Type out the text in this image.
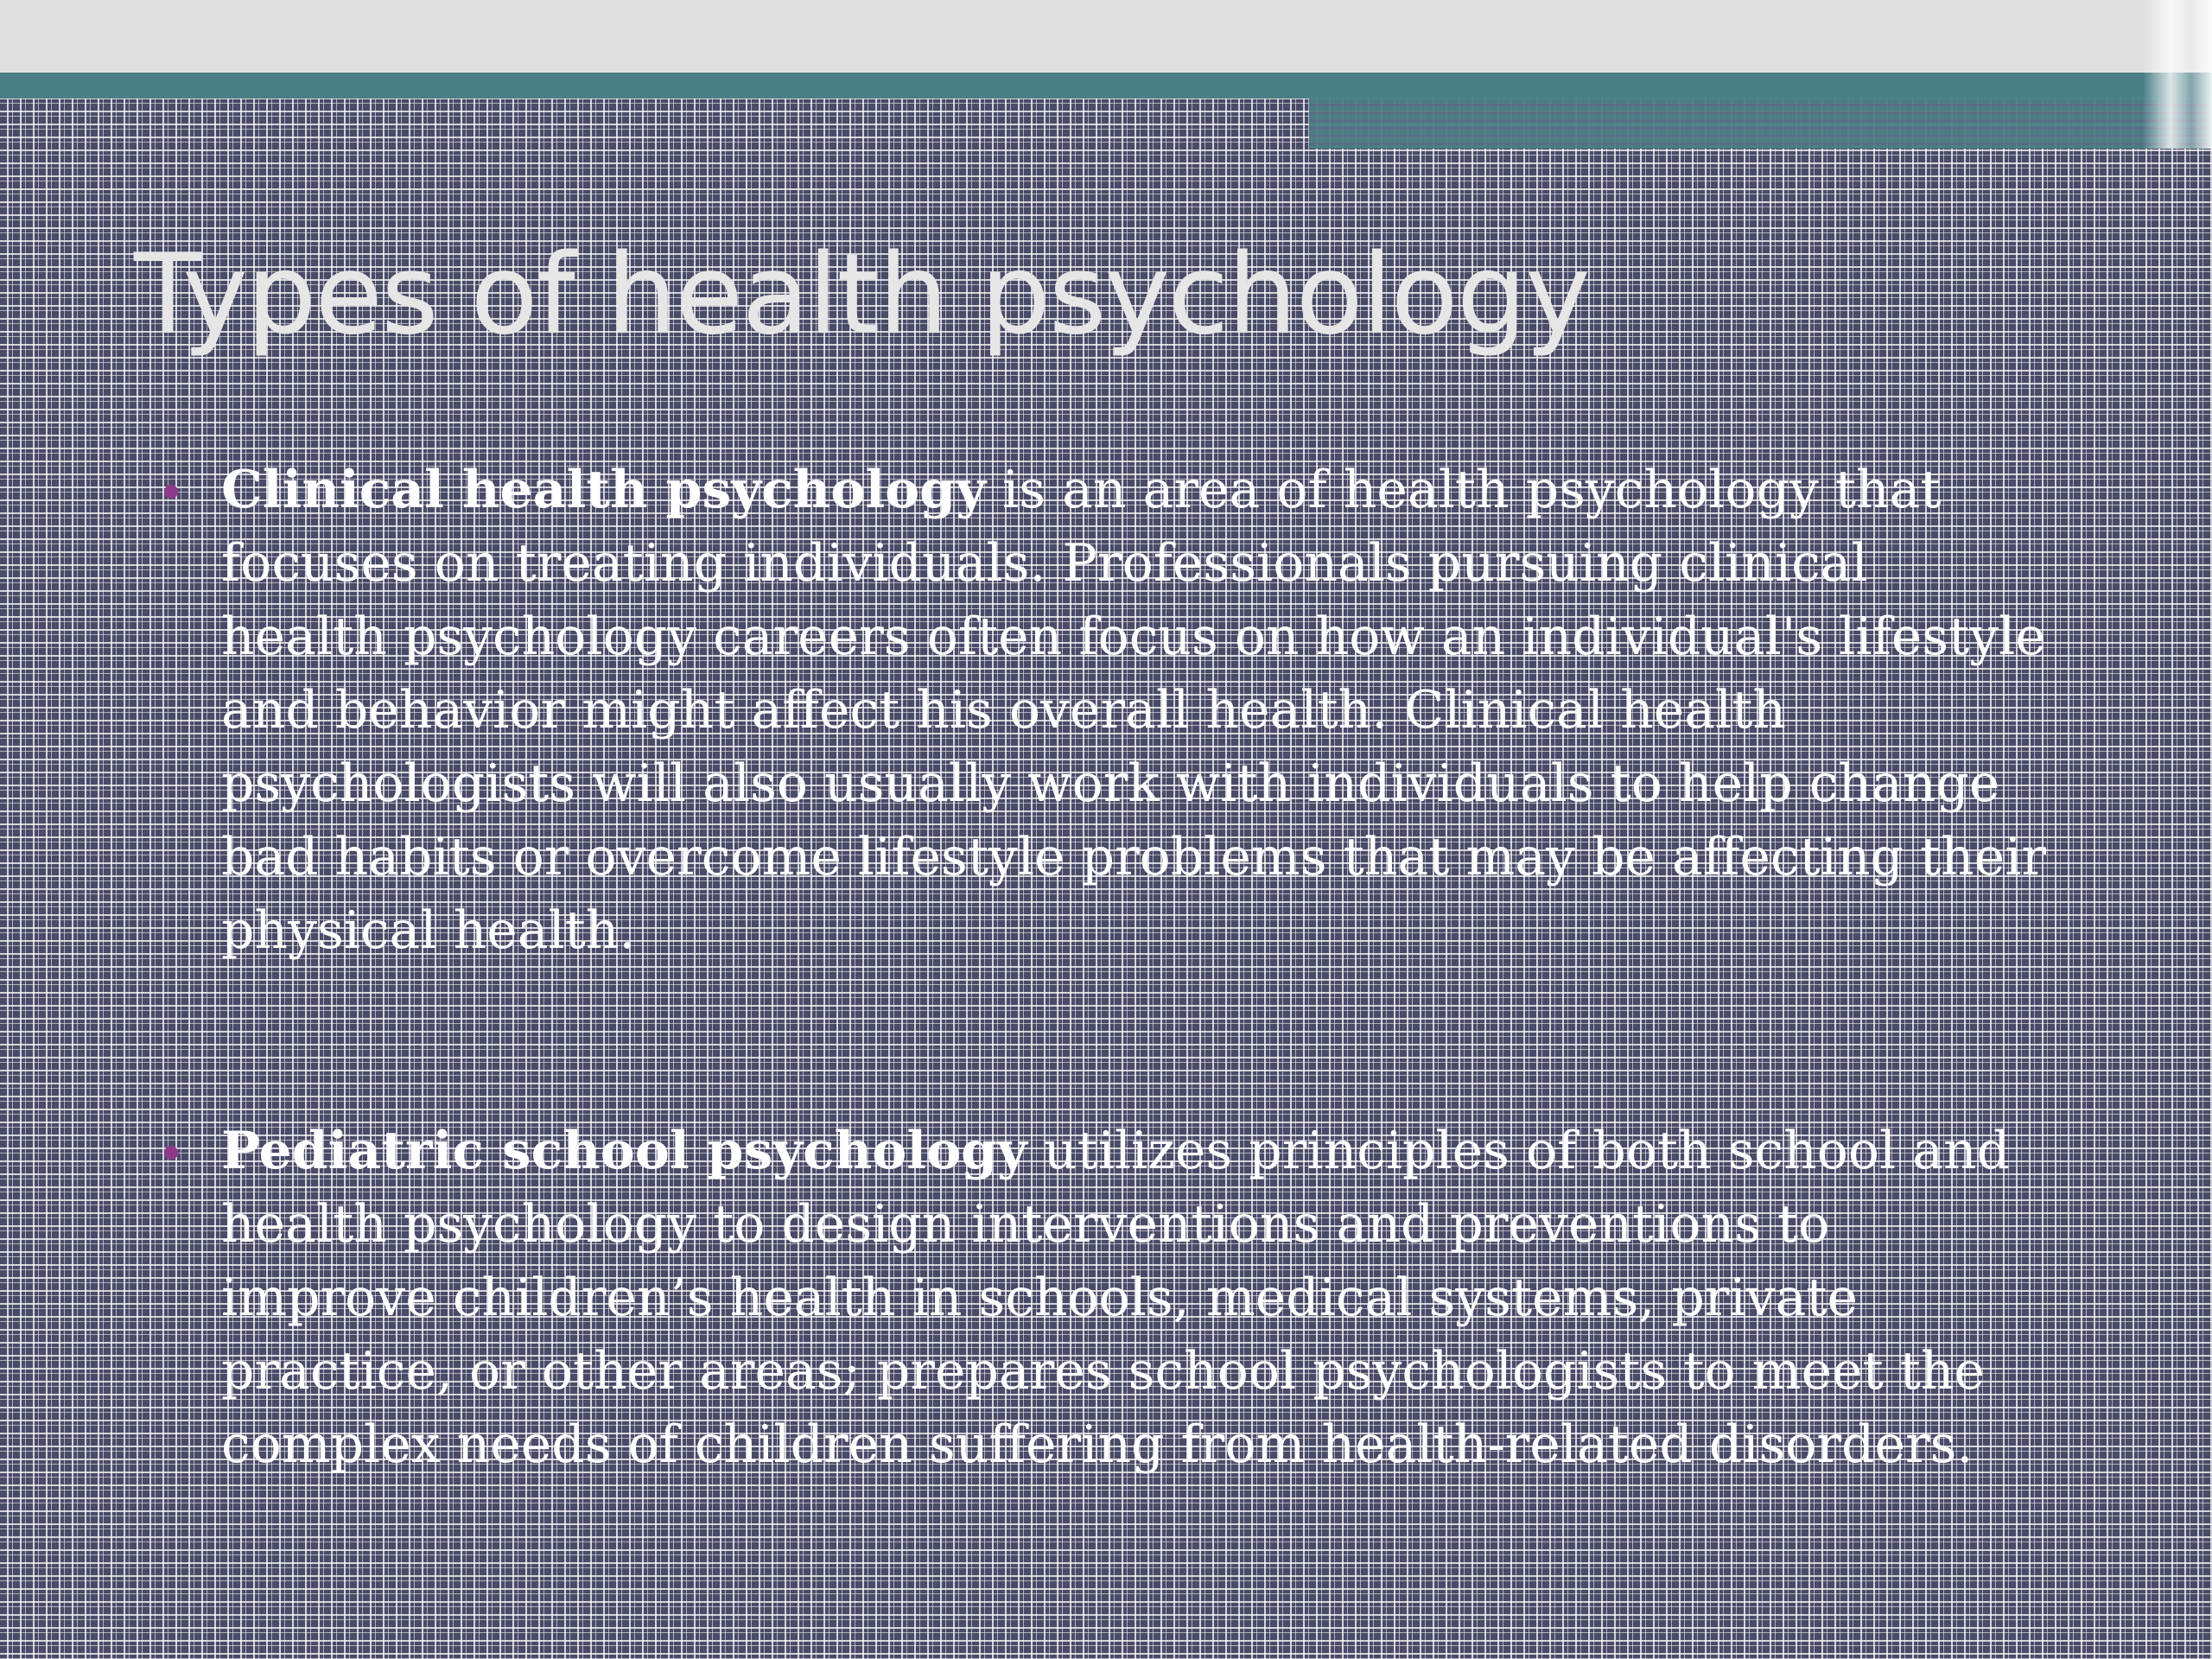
Types of health psychology
Clinical health psychology is an area of health psychology that focuses on treating individuals. Professionals pursuing clinical health psychology careers often focus on how an individual's lifestyle and behavior might affect his overall health. Clinical health psychologists will also usually work with individuals to help change bad habits or overcome lifestyle problems that may be affecting their physical health.
Pediatric school psychology utilizes principles of both school and health psychology to design interventions and preventions to improve children’s health in schools, medical systems, private practice, or other areas; prepares school psychologists to meet the complex needs of children suffering from health-related disorders.
